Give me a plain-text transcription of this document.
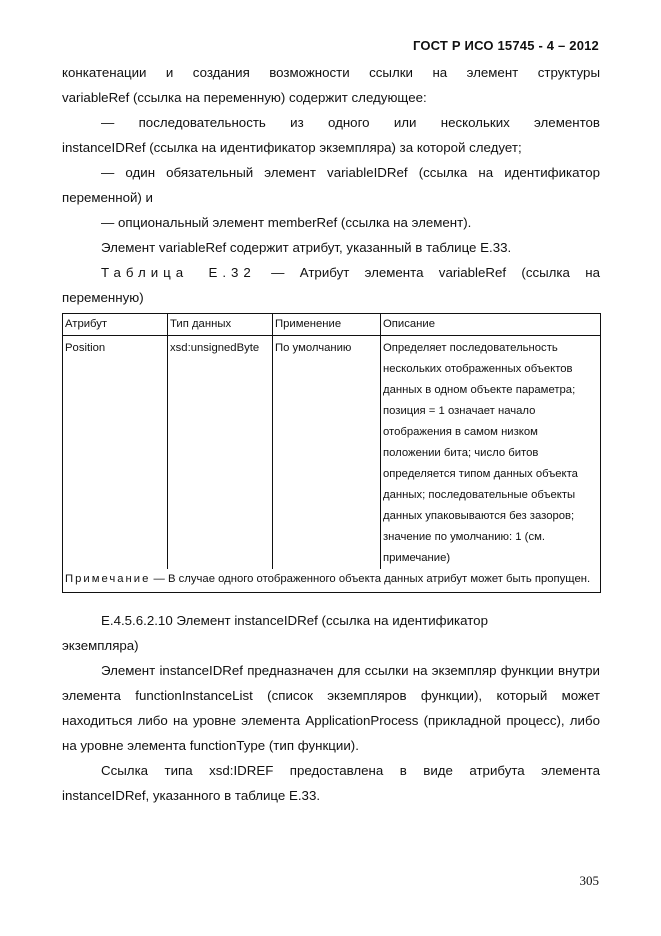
ГОСТ Р ИСО 15745 - 4 – 2012

конкатенации и создания возможности ссылки на элемент структуры

variableRef (ссылка на переменную) содержит следующее:

— последовательность из одного или нескольких элементов

instanceIDRef (ссылка на идентификатор экземпляра) за которой следует;

— один обязательный элемент variableIDRef (ссылка на идентификатор

переменной) и

— опциональный элемент memberRef (ссылка на элемент).

Элемент variableRef содержит атрибут, указанный в таблице Е.33.

Таблица Е.32 — Атрибут элемента variableRef (ссылка на

переменную)

Атрибут	Тип данных	Применение	Описание
Position	xsd:unsignedByte	По умолчанию	Определяет последовательность нескольких отображенных объектов данных в одном объекте параметра; позиция = 1 означает начало отображения в самом низком положении бита; число битов определяется типом данных объекта данных; последовательные объекты данных упаковываются без зазоров; значение по умолчанию: 1 (см. примечание)
Примечание — В случае одного отображенного объекта данных атрибут может быть пропущен.			

Е.4.5.6.2.10 Элемент instanceIDRef (ссылка на идентификатор

экземпляра)

Элемент instanceIDRef предназначен для ссылки на экземпляр функции внутри элемента functionInstanceList (список экземпляров функции), который может находиться либо на уровне элемента ApplicationProcess (прикладной процесс), либо на уровне элемента functionType (тип функции).

Ссылка типа xsd:IDREF предоставлена в виде атрибута элемента instanceIDRef, указанного в таблице Е.33.

305
